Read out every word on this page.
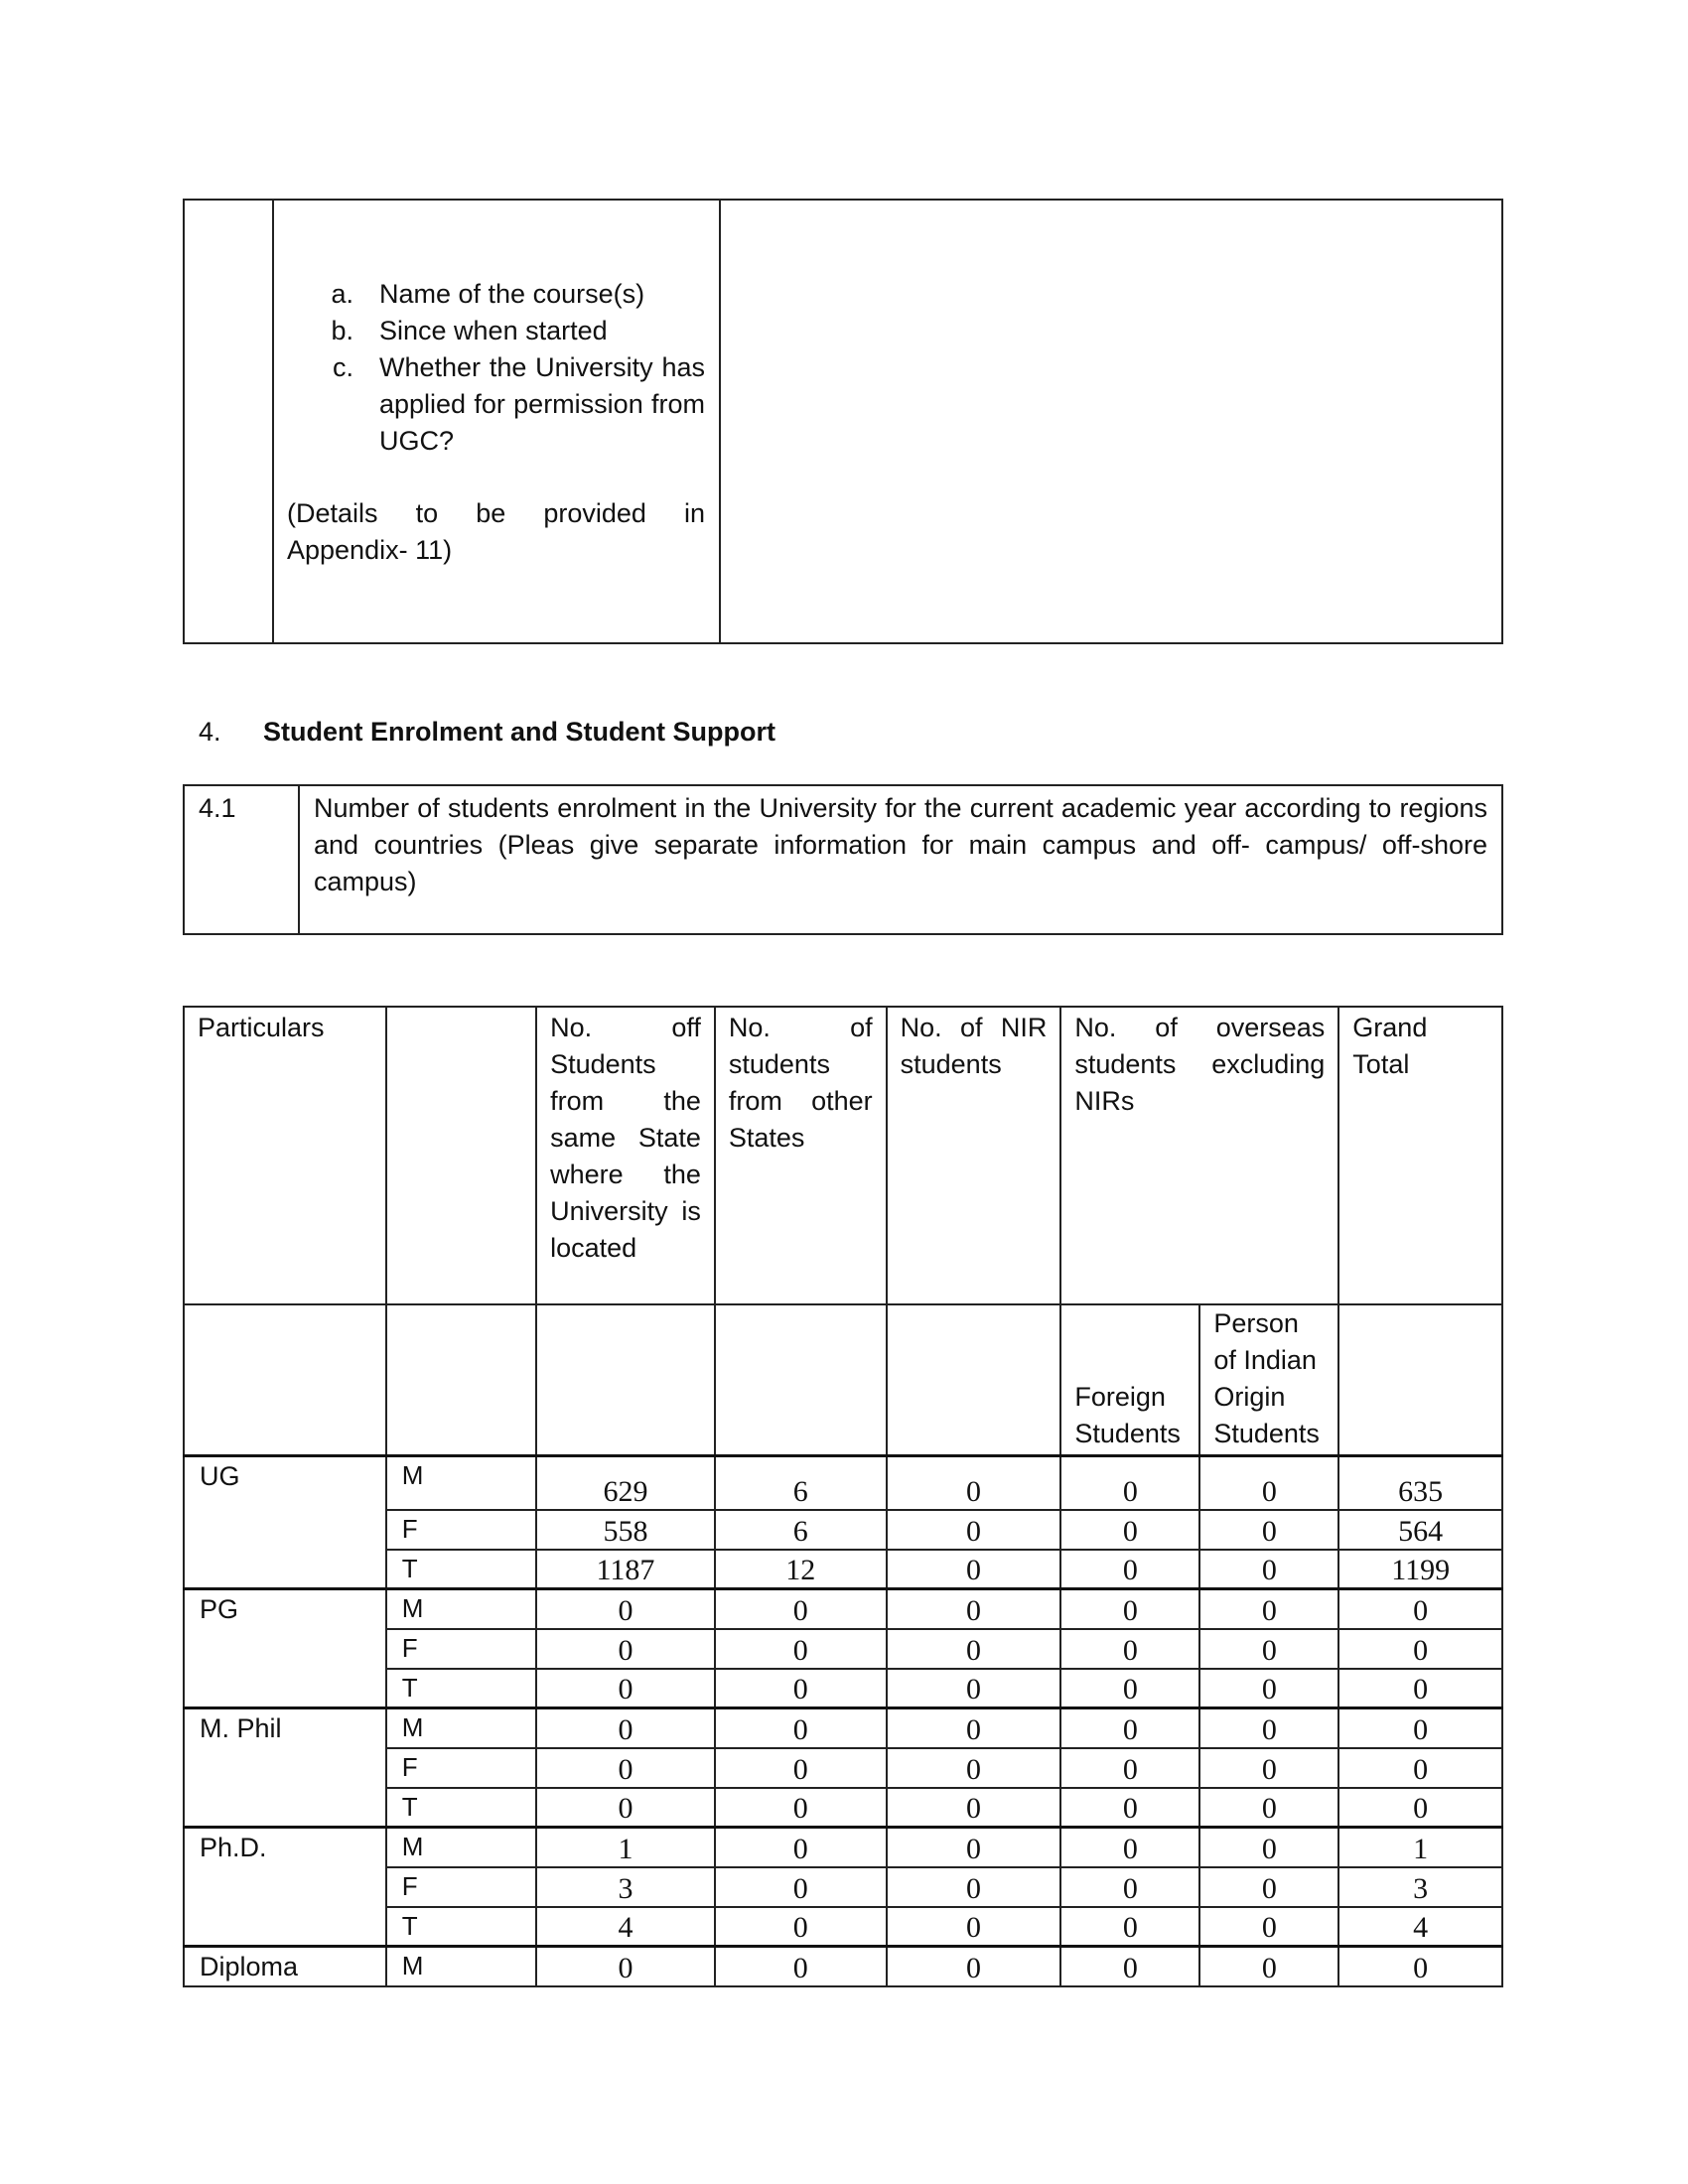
a. Name of the course(s)
b. Since when started
c. Whether the University has applied for permission from UGC?
(Details to be provided in Appendix- 11)

4. Student Enrolment and Student Support
4.1	Number of students enrolment in the University for the current academic year according to regions and countries (Pleas give separate information for main campus and off- campus/ off-shore campus)
Particulars		No. off Students from the same State where the University is located	No. of students from other States	No. of NIR students	No. of overseas students excluding NIRs		Grand Total
					Foreign Students	Person of Indian Origin Students	
UG	M	629	6	0	0	0	635
	F	558	6	0	0	0	564
	T	1187	12	0	0	0	1199
PG	M	0	0	0	0	0	0
	F	0	0	0	0	0	0
	T	0	0	0	0	0	0
M. Phil	M	0	0	0	0	0	0
	F	0	0	0	0	0	0
	T	0	0	0	0	0	0
Ph.D.	M	1	0	0	0	0	1
	F	3	0	0	0	0	3
	T	4	0	0	0	0	4
Diploma	M	0	0	0	0	0	0
